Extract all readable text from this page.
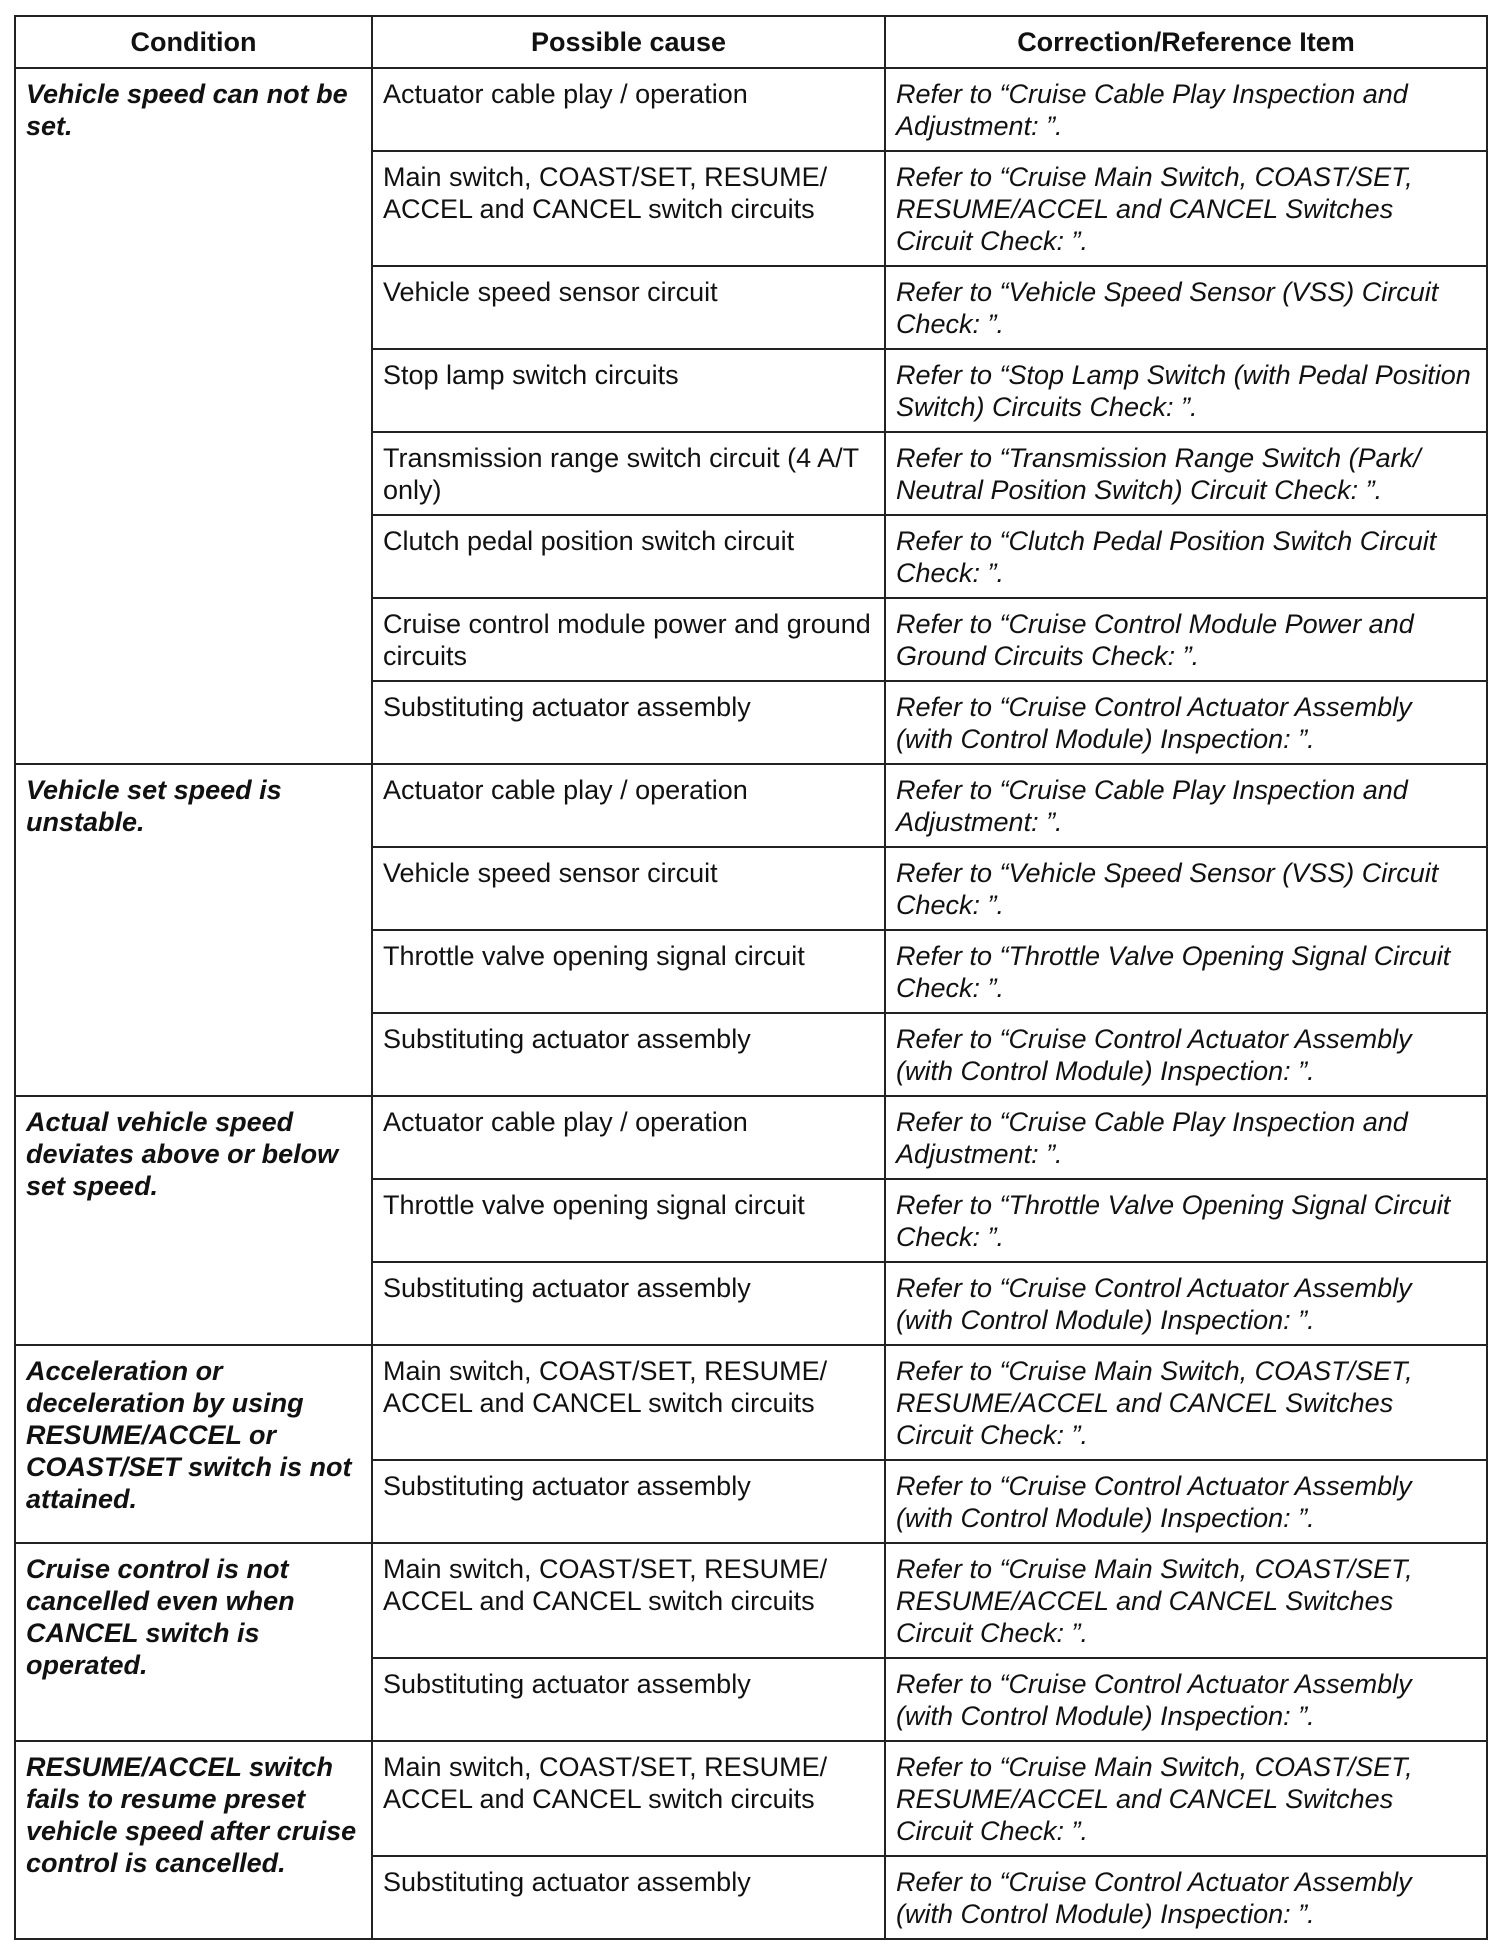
Condition	Possible cause	Correction/Reference Item
Vehicle speed can not be set.	Actuator cable play / operation	Refer to “Cruise Cable Play Inspection and Adjustment: ”.
	Main switch, COAST/SET, RESUME/ ACCEL and CANCEL switch circuits	Refer to “Cruise Main Switch, COAST/SET, RESUME/ACCEL and CANCEL Switches Circuit Check: ”.
	Vehicle speed sensor circuit	Refer to “Vehicle Speed Sensor (VSS) Circuit Check: ”.
	Stop lamp switch circuits	Refer to “Stop Lamp Switch (with Pedal Position Switch) Circuits Check: ”.
	Transmission range switch circuit (4 A/T only)	Refer to “Transmission Range Switch (Park/ Neutral Position Switch) Circuit Check: ”.
	Clutch pedal position switch circuit	Refer to “Clutch Pedal Position Switch Circuit Check: ”.
	Cruise control module power and ground circuits	Refer to “Cruise Control Module Power and Ground Circuits Check: ”.
	Substituting actuator assembly	Refer to “Cruise Control Actuator Assembly (with Control Module) Inspection: ”.
Vehicle set speed is unstable.	Actuator cable play / operation	Refer to “Cruise Cable Play Inspection and Adjustment: ”.
	Vehicle speed sensor circuit	Refer to “Vehicle Speed Sensor (VSS) Circuit Check: ”.
	Throttle valve opening signal circuit	Refer to “Throttle Valve Opening Signal Circuit Check: ”.
	Substituting actuator assembly	Refer to “Cruise Control Actuator Assembly (with Control Module) Inspection: ”.
Actual vehicle speed deviates above or below set speed.	Actuator cable play / operation	Refer to “Cruise Cable Play Inspection and Adjustment: ”.
	Throttle valve opening signal circuit	Refer to “Throttle Valve Opening Signal Circuit Check: ”.
	Substituting actuator assembly	Refer to “Cruise Control Actuator Assembly (with Control Module) Inspection: ”.
Acceleration or deceleration by using RESUME/ACCEL or COAST/SET switch is not attained.	Main switch, COAST/SET, RESUME/ ACCEL and CANCEL switch circuits	Refer to “Cruise Main Switch, COAST/SET, RESUME/ACCEL and CANCEL Switches Circuit Check: ”.
	Substituting actuator assembly	Refer to “Cruise Control Actuator Assembly (with Control Module) Inspection: ”.
Cruise control is not cancelled even when CANCEL switch is operated.	Main switch, COAST/SET, RESUME/ ACCEL and CANCEL switch circuits	Refer to “Cruise Main Switch, COAST/SET, RESUME/ACCEL and CANCEL Switches Circuit Check: ”.
	Substituting actuator assembly	Refer to “Cruise Control Actuator Assembly (with Control Module) Inspection: ”.
RESUME/ACCEL switch fails to resume preset vehicle speed after cruise control is cancelled.	Main switch, COAST/SET, RESUME/ ACCEL and CANCEL switch circuits	Refer to “Cruise Main Switch, COAST/SET, RESUME/ACCEL and CANCEL Switches Circuit Check: ”.
	Substituting actuator assembly	Refer to “Cruise Control Actuator Assembly (with Control Module) Inspection: ”.
